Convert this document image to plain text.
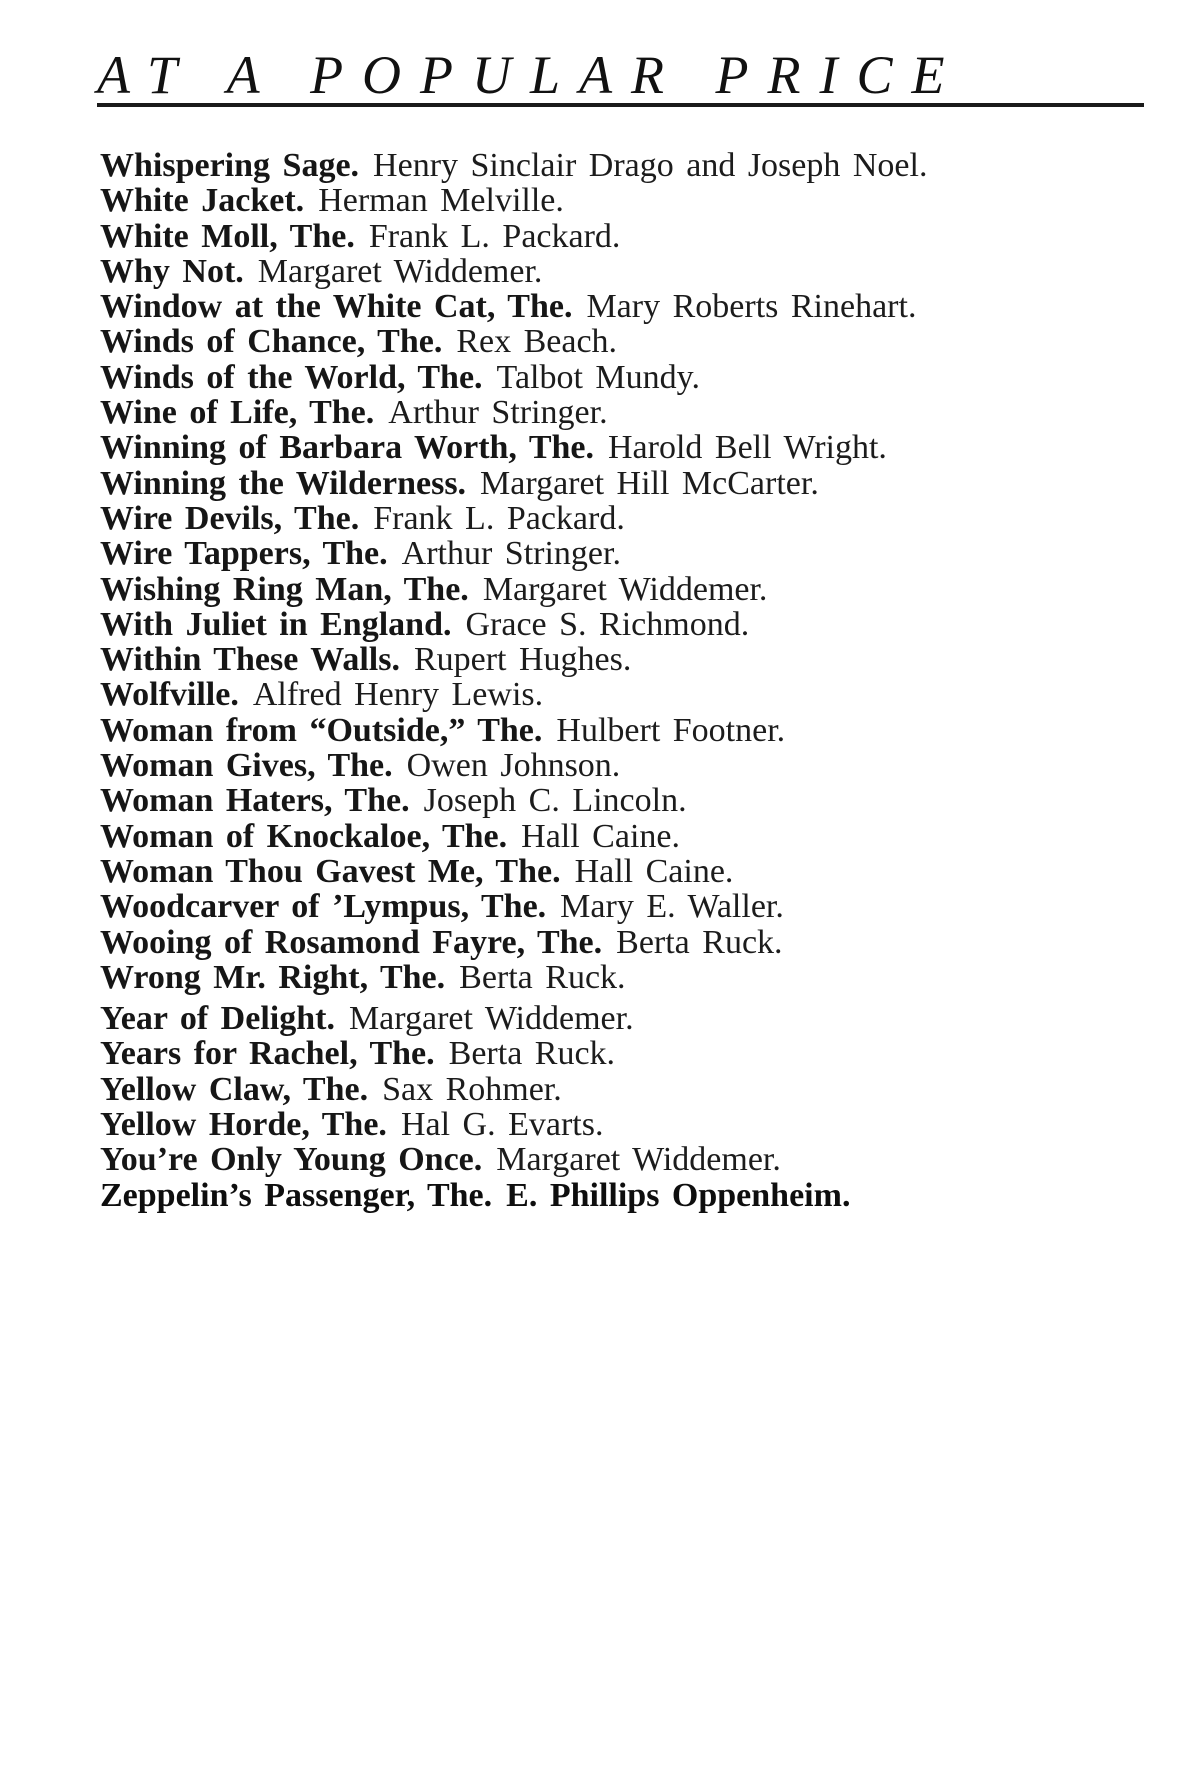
AT A POPULAR PRICE
Whispering Sage. Henry Sinclair Drago and Joseph Noel.
White Jacket. Herman Melville.
White Moll, The. Frank L. Packard.
Why Not. Margaret Widdemer.
Window at the White Cat, The. Mary Roberts Rinehart.
Winds of Chance, The. Rex Beach.
Winds of the World, The. Talbot Mundy.
Wine of Life, The. Arthur Stringer.
Winning of Barbara Worth, The. Harold Bell Wright.
Winning the Wilderness. Margaret Hill McCarter.
Wire Devils, The. Frank L. Packard.
Wire Tappers, The. Arthur Stringer.
Wishing Ring Man, The. Margaret Widdemer.
With Juliet in England. Grace S. Richmond.
Within These Walls. Rupert Hughes.
Wolfville. Alfred Henry Lewis.
Woman from “Outside,” The. Hulbert Footner.
Woman Gives, The. Owen Johnson.
Woman Haters, The. Joseph C. Lincoln.
Woman of Knockaloe, The. Hall Caine.
Woman Thou Gavest Me, The. Hall Caine.
Woodcarver of ’Lympus, The. Mary E. Waller.
Wooing of Rosamond Fayre, The. Berta Ruck.
Wrong Mr. Right, The. Berta Ruck.
Year of Delight. Margaret Widdemer.
Years for Rachel, The. Berta Ruck.
Yellow Claw, The. Sax Rohmer.
Yellow Horde, The. Hal G. Evarts.
You’re Only Young Once. Margaret Widdemer.
Zeppelin’s Passenger, The. E. Phillips Oppenheim.
